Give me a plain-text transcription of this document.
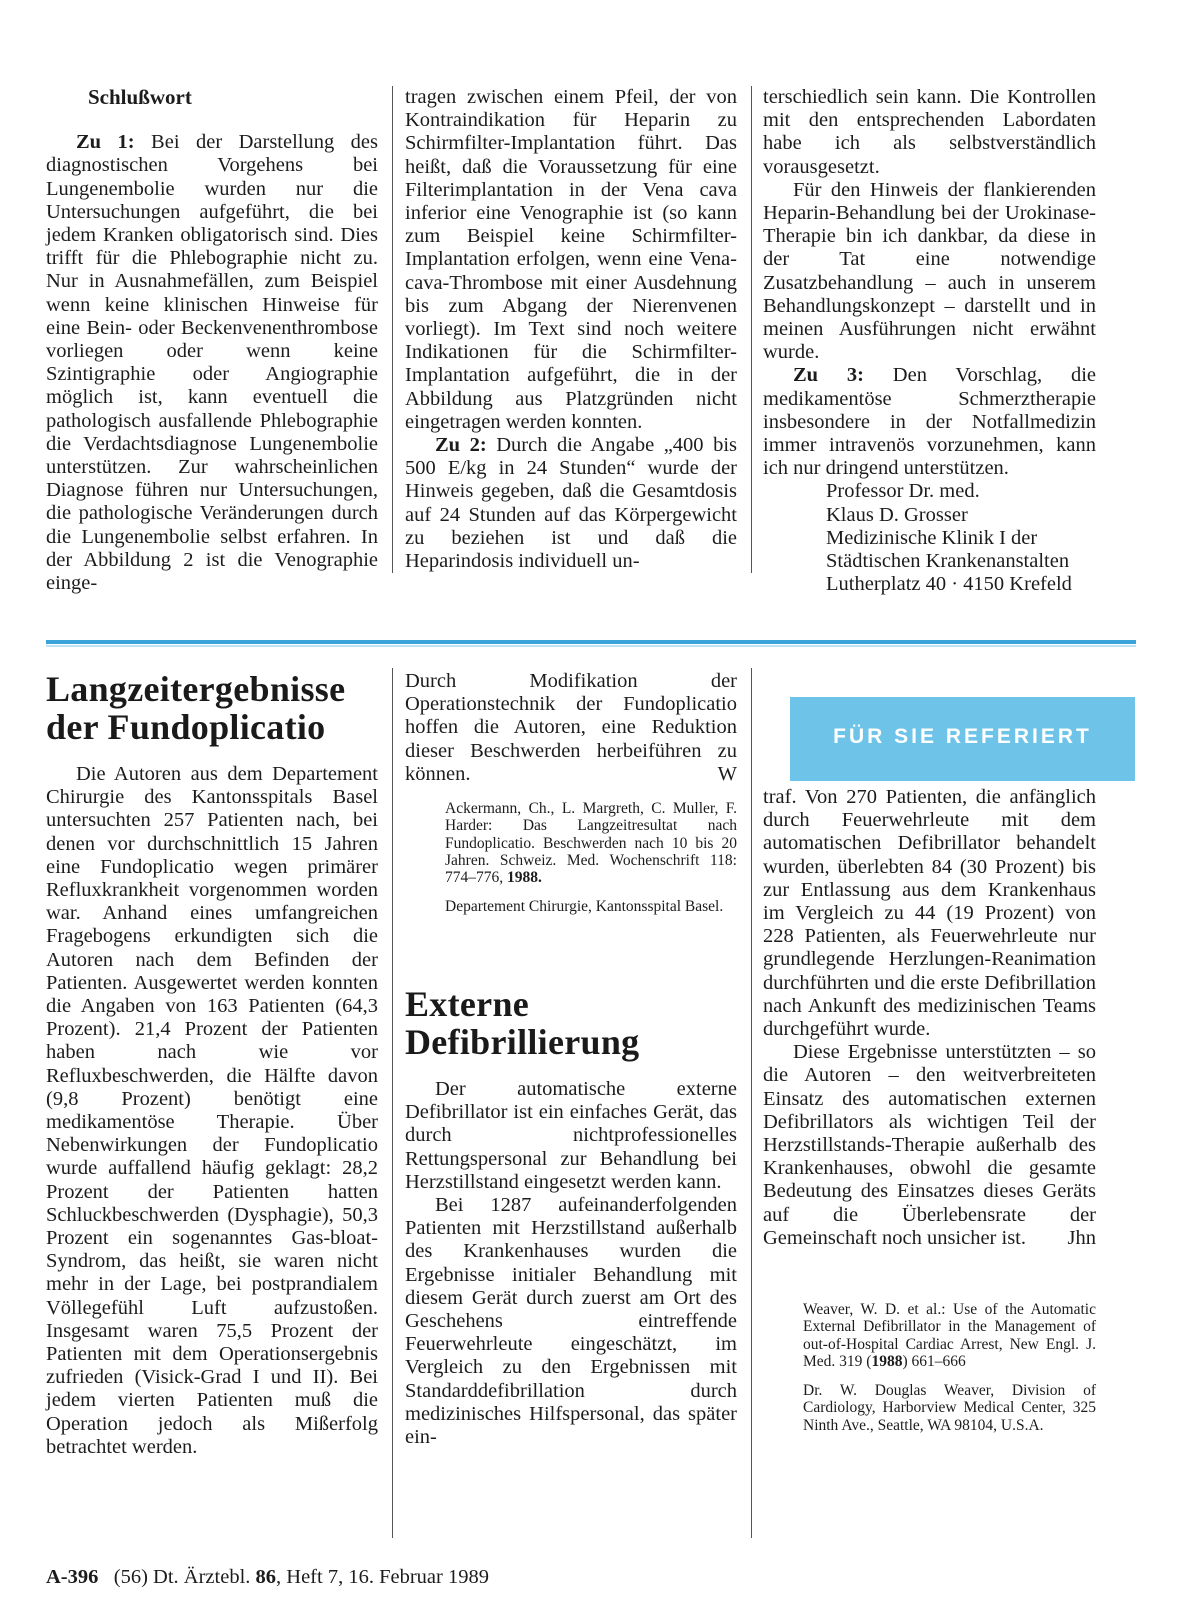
Schlußwort

Zu 1: Bei der Darstellung des diagnostischen Vorgehens bei Lungenembolie wurden nur die Untersuchungen aufgeführt, die bei jedem Kranken obligatorisch sind. Dies trifft für die Phlebographie nicht zu. Nur in Ausnahmefällen, zum Beispiel wenn keine klinischen Hinweise für eine Bein- oder Beckenvenenthrombose vorliegen oder wenn keine Szintigraphie oder Angiographie möglich ist, kann eventuell die pathologisch ausfallende Phlebographie die Verdachtsdiagnose Lungenembolie unterstützen. Zur wahrscheinlichen Diagnose führen nur Untersuchungen, die pathologische Veränderungen durch die Lungenembolie selbst erfahren. In der Abbildung 2 ist die Venographie einge-

tragen zwischen einem Pfeil, der von Kontraindikation für Heparin zu Schirmfilter-Implantation führt. Das heißt, daß die Voraussetzung für eine Filterimplantation in der Vena cava inferior eine Venographie ist (so kann zum Beispiel keine Schirmfilter-Implantation erfolgen, wenn eine Vena-cava-Thrombose mit einer Ausdehnung bis zum Abgang der Nierenvenen vorliegt). Im Text sind noch weitere Indikationen für die Schirmfilter-Implantation aufgeführt, die in der Abbildung aus Platzgründen nicht eingetragen werden konnten.

Zu 2: Durch die Angabe „400 bis 500 E/kg in 24 Stunden“ wurde der Hinweis gegeben, daß die Gesamtdosis auf 24 Stunden auf das Körpergewicht zu beziehen ist und daß die Heparindosis individuell un-

terschiedlich sein kann. Die Kontrollen mit den entsprechenden Labordaten habe ich als selbstverständlich vorausgesetzt.

Für den Hinweis der flankierenden Heparin-Behandlung bei der Urokinase-Therapie bin ich dankbar, da diese in der Tat eine notwendige Zusatzbehandlung – auch in unserem Behandlungskonzept – darstellt und in meinen Ausführungen nicht erwähnt wurde.

Zu 3: Den Vorschlag, die medikamentöse Schmerztherapie insbesondere in der Notfallmedizin immer intravenös vorzunehmen, kann ich nur dringend unterstützen.

Professor Dr. med.

Klaus D. Grosser

Medizinische Klinik I der

Städtischen Krankenanstalten

Lutherplatz 40 · 4150 Krefeld

Langzeitergebnisse
der Fundoplicatio

Die Autoren aus dem Departement Chirurgie des Kantonsspitals Basel untersuchten 257 Patienten nach, bei denen vor durchschnittlich 15 Jahren eine Fundoplicatio wegen primärer Refluxkrankheit vorgenommen worden war. Anhand eines umfangreichen Fragebogens erkundigten sich die Autoren nach dem Befinden der Patienten. Ausgewertet werden konnten die Angaben von 163 Patienten (64,3 Prozent). 21,4 Prozent der Patienten haben nach wie vor Refluxbeschwerden, die Hälfte davon (9,8 Prozent) benötigt eine medikamentöse Therapie. Über Nebenwirkungen der Fundoplicatio wurde auffallend häufig geklagt: 28,2 Prozent der Patienten hatten Schluckbeschwerden (Dysphagie), 50,3 Prozent ein sogenanntes Gas-bloat-Syndrom, das heißt, sie waren nicht mehr in der Lage, bei postprandialem Völlegefühl Luft aufzustoßen. Insgesamt waren 75,5 Prozent der Patienten mit dem Operationsergebnis zufrieden (Visick-Grad I und II). Bei jedem vierten Patienten muß die Operation jedoch als Mißerfolg betrachtet werden.

Durch Modifikation der Operationstechnik der Fundoplicatio hoffen die Autoren, eine Reduktion dieser Beschwerden herbeiführen zu können.	W

Ackermann, Ch., L. Margreth, C. Muller, F. Harder: Das Langzeitresultat nach Fundoplicatio. Beschwerden nach 10 bis 20 Jahren. Schweiz. Med. Wochenschrift 118: 774–776, 1988.

Departement Chirurgie, Kantonsspital Basel.

Externe
Defibrillierung

Der automatische externe Defibrillator ist ein einfaches Gerät, das durch nichtprofessionelles Rettungspersonal zur Behandlung bei Herzstillstand eingesetzt werden kann.

Bei 1287 aufeinanderfolgenden Patienten mit Herzstillstand außerhalb des Krankenhauses wurden die Ergebnisse initialer Behandlung mit diesem Gerät durch zuerst am Ort des Geschehens eintreffende Feuerwehrleute eingeschätzt, im Vergleich zu den Ergebnissen mit Standarddefibrillation durch medizinisches Hilfspersonal, das später ein-

FÜR SIE REFERIERT

traf. Von 270 Patienten, die anfänglich durch Feuerwehrleute mit dem automatischen Defibrillator behandelt wurden, überlebten 84 (30 Prozent) bis zur Entlassung aus dem Krankenhaus im Vergleich zu 44 (19 Prozent) von 228 Patienten, als Feuerwehrleute nur grundlegende Herzlungen-Reanimation durchführten und die erste Defibrillation nach Ankunft des medizinischen Teams durchgeführt wurde.

Diese Ergebnisse unterstützten – so die Autoren – den weitverbreiteten Einsatz des automatischen externen Defibrillators als wichtigen Teil der Herzstillstands-Therapie außerhalb des Krankenhauses, obwohl die gesamte Bedeutung des Einsatzes dieses Geräts auf die Überlebensrate der Gemeinschaft noch unsicher ist. Jhn

Weaver, W. D. et al.: Use of the Automatic External Defibrillator in the Management of out-of-Hospital Cardiac Arrest, New Engl. J. Med. 319 (1988) 661–666

Dr. W. Douglas Weaver, Division of Cardiology, Harborview Medical Center, 325 Ninth Ave., Seattle, WA 98104, U.S.A.

A-396 (56) Dt. Ärztebl. 86, Heft 7, 16. Februar 1989
